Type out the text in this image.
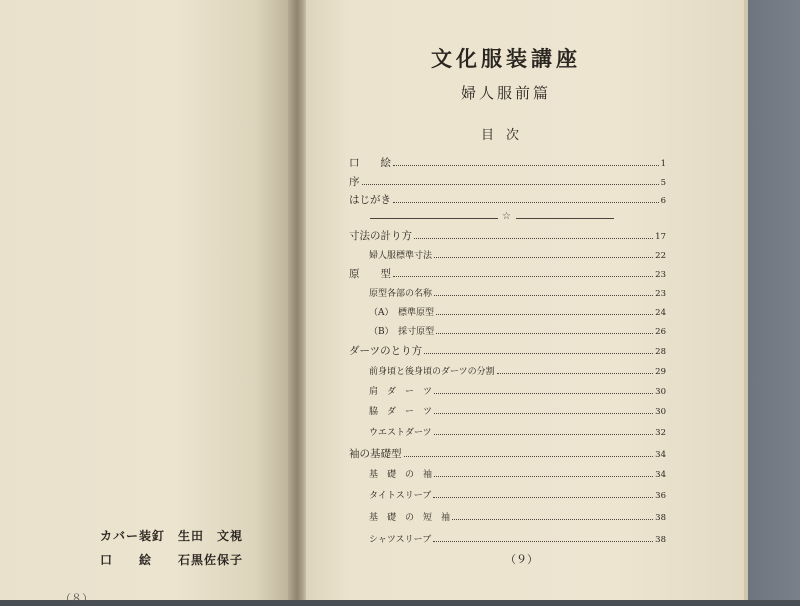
カバー装釘	生田　文視
口　　絵	石黒佐保子
（８）
文化服装講座
婦人服前篇
目次
口　　絵	1
序	5
はじがき	6
☆
寸法の計り方	17
婦人服標準寸法	22
原　　型	23
原型各部の名称	23
（A）　標準原型	24
（B）　採寸原型	26
ダーツのとり方	28
前身頃と後身頃のダーツの分割	29
肩　ダ　ー　ツ	30
脇　ダ　ー　ツ	30
ウエストダーツ	32
袖の基礎型	34
基　礎　の　袖	34
タイトスリーブ	36
基　礎　の　短　袖	38
シャツスリーブ	38
（９）
